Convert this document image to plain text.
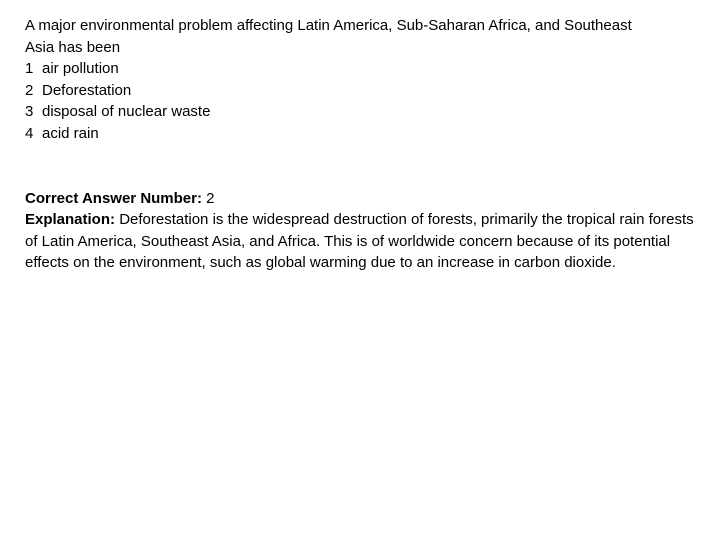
A major environmental problem affecting Latin America, Sub-Saharan Africa, and Southeast Asia has been
1 air pollution
2 Deforestation
3 disposal of nuclear waste
4 acid rain
Correct Answer Number: 2
Explanation: Deforestation is the widespread destruction of forests, primarily the tropical rain forests of Latin America, Southeast Asia, and Africa. This is of worldwide concern because of its potential effects on the environment, such as global warming due to an increase in carbon dioxide.
